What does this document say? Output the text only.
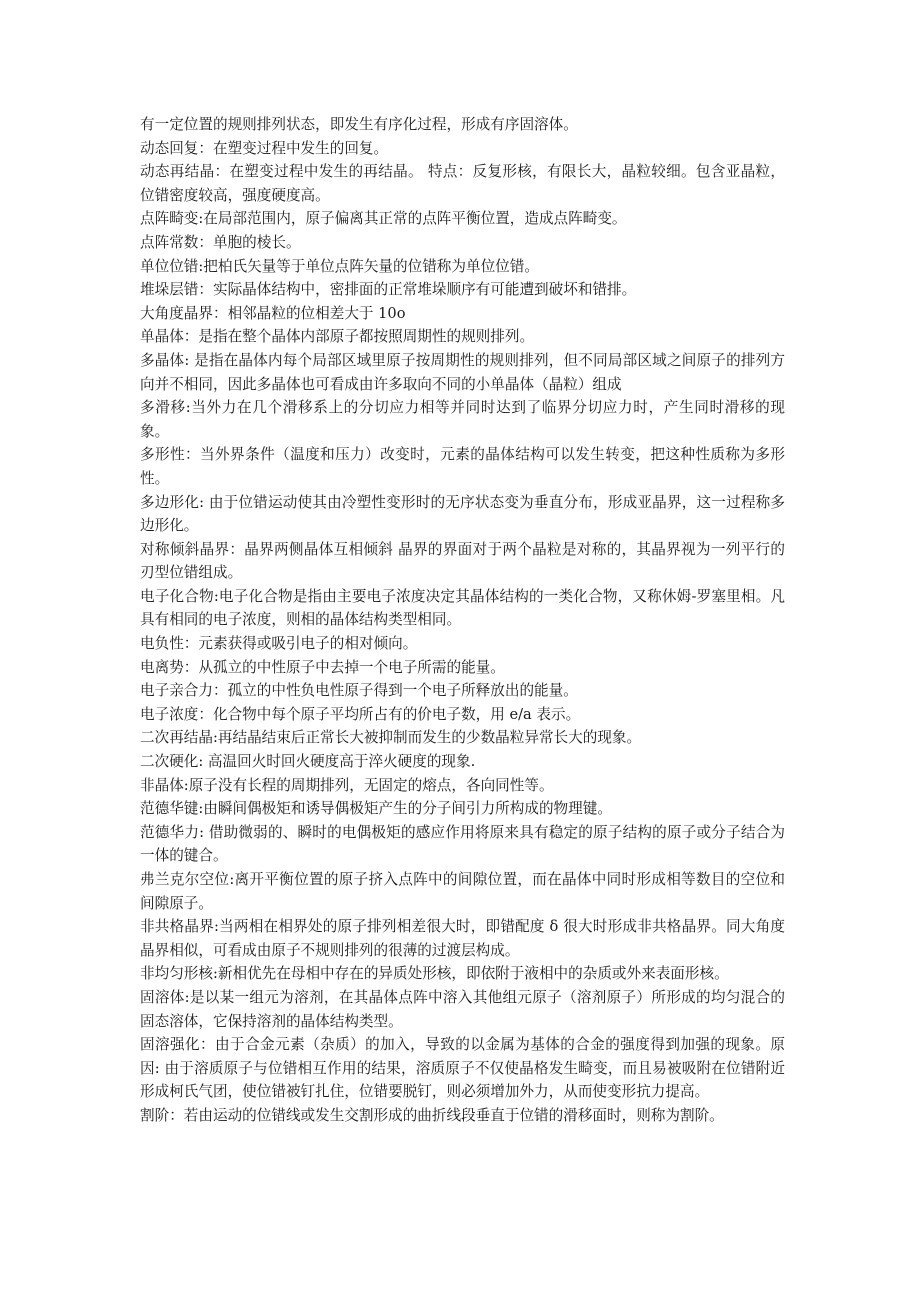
有一定位置的规则排列状态，即发生有序化过程，形成有序固溶体。

动态回复：在塑变过程中发生的回复。

动态再结晶：在塑变过程中发生的再结晶。 特点：反复形核，有限长大，晶粒较细。包含亚晶粒，位错密度较高，强度硬度高。

点阵畸变:在局部范围内，原子偏离其正常的点阵平衡位置，造成点阵畸变。

点阵常数：单胞的棱长。

单位位错:把柏氏矢量等于单位点阵矢量的位错称为单位位错。

堆垛层错：实际晶体结构中，密排面的正常堆垛顺序有可能遭到破坏和错排。

大角度晶界：相邻晶粒的位相差大于 10o

单晶体：是指在整个晶体内部原子都按照周期性的规则排列。

多晶体: 是指在晶体内每个局部区域里原子按周期性的规则排列，但不同局部区域之间原子的排列方向并不相同，因此多晶体也可看成由许多取向不同的小单晶体（晶粒）组成

多滑移:当外力在几个滑移系上的分切应力相等并同时达到了临界分切应力时，产生同时滑移的现象。

多形性：当外界条件（温度和压力）改变时，元素的晶体结构可以发生转变，把这种性质称为多形性。

多边形化: 由于位错运动使其由冷塑性变形时的无序状态变为垂直分布，形成亚晶界，这一过程称多边形化。

对称倾斜晶界：晶界两侧晶体互相倾斜 晶界的界面对于两个晶粒是对称的，其晶界视为一列平行的刃型位错组成。

电子化合物:电子化合物是指由主要电子浓度决定其晶体结构的一类化合物，又称休姆-罗塞里相。凡具有相同的电子浓度，则相的晶体结构类型相同。

电负性：元素获得或吸引电子的相对倾向。

电离势：从孤立的中性原子中去掉一个电子所需的能量。

电子亲合力：孤立的中性负电性原子得到一个电子所释放出的能量。

电子浓度：化合物中每个原子平均所占有的价电子数，用 e/a 表示。

二次再结晶:再结晶结束后正常长大被抑制而发生的少数晶粒异常长大的现象。

二次硬化: 高温回火时回火硬度高于淬火硬度的现象.

非晶体:原子没有长程的周期排列，无固定的熔点，各向同性等。

范德华键:由瞬间偶极矩和诱导偶极矩产生的分子间引力所构成的物理键。

范德华力: 借助微弱的、瞬时的电偶极矩的感应作用将原来具有稳定的原子结构的原子或分子结合为一体的键合。

弗兰克尔空位:离开平衡位置的原子挤入点阵中的间隙位置，而在晶体中同时形成相等数目的空位和间隙原子。

非共格晶界:当两相在相界处的原子排列相差很大时，即错配度 δ 很大时形成非共格晶界。同大角度晶界相似，可看成由原子不规则排列的很薄的过渡层构成。

非均匀形核:新相优先在母相中存在的异质处形核，即依附于液相中的杂质或外来表面形核。

固溶体:是以某一组元为溶剂，在其晶体点阵中溶入其他组元原子（溶剂原子）所形成的均匀混合的固态溶体，它保持溶剂的晶体结构类型。

固溶强化：由于合金元素（杂质）的加入，导致的以金属为基体的合金的强度得到加强的现象。原因: 由于溶质原子与位错相互作用的结果，溶质原子不仅使晶格发生畸变，而且易被吸附在位错附近形成柯氏气团，使位错被钉扎住，位错要脱钉，则必须增加外力，从而使变形抗力提高。

割阶：若由运动的位错线或发生交割形成的曲折线段垂直于位错的滑移面时，则称为割阶。
